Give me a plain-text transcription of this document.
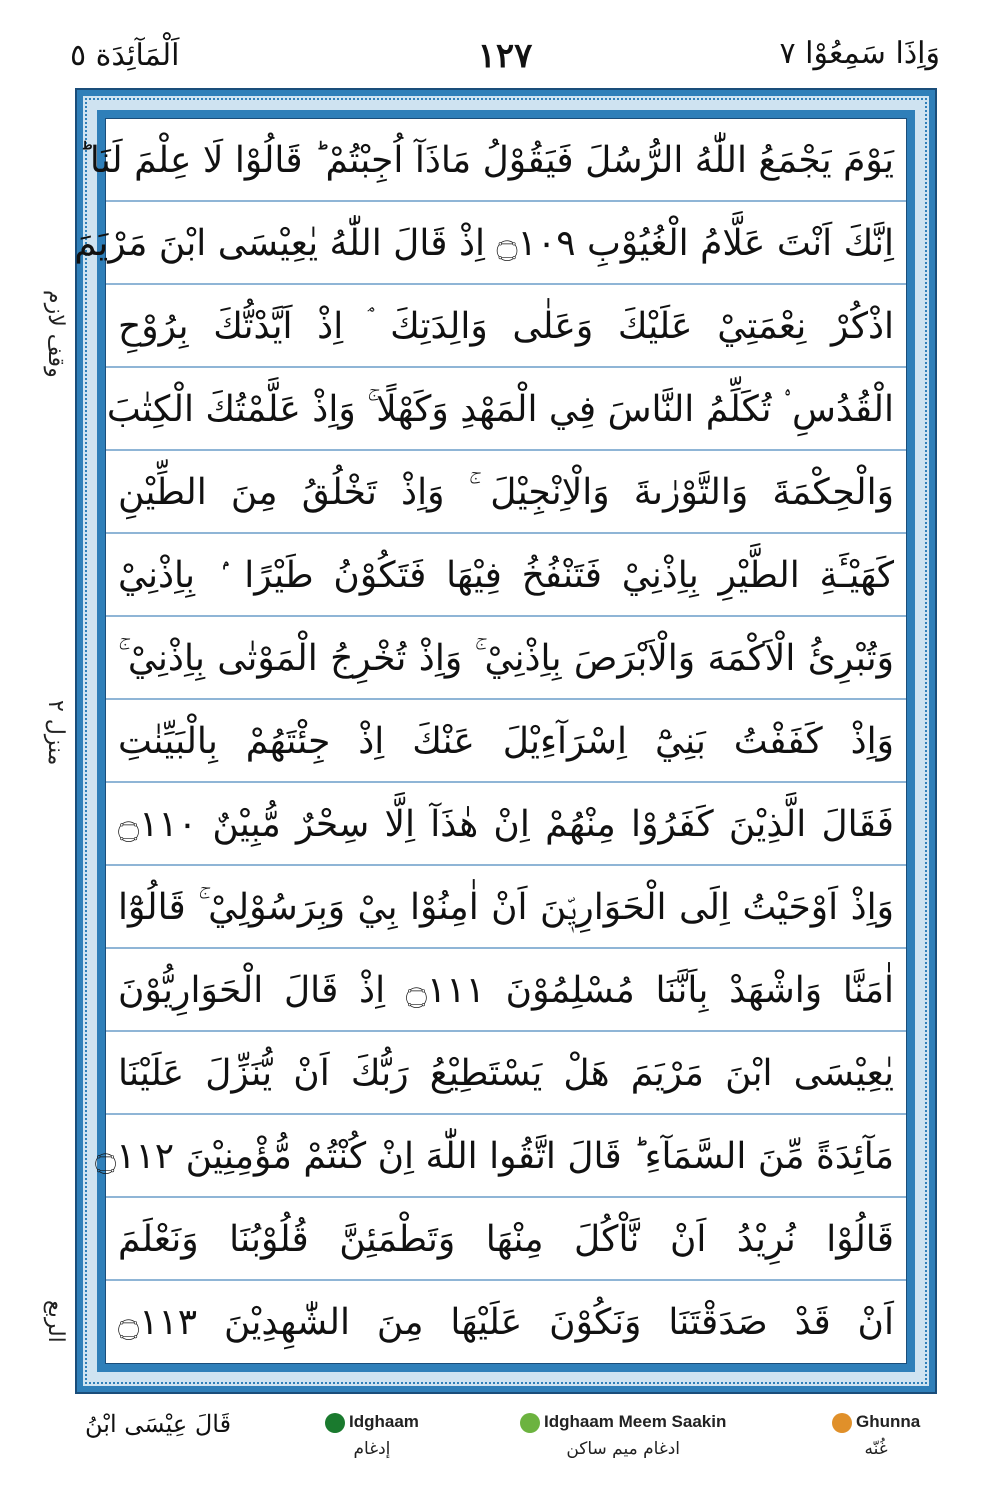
اَلْمَآئِدَة ٥	١٢٧	وَاِذَا سَمِعُوْا ٧
وقف لازم
منزل ٢
الربع
يَوْمَ يَجْمَعُ اللّٰهُ الرُّسُلَ فَيَقُوْلُ مَاذَآ اُجِبْتُمْ ؕ قَالُوْا لَا عِلْمَ لَنَا ؕ
اِنَّكَ اَنْتَ عَلَّامُ الْغُيُوْبِ ۝١٠٩ اِذْ قَالَ اللّٰهُ يٰعِيْسَى ابْنَ مَرْيَمَ
اذْكُرْ نِعْمَتِيْ عَلَيْكَ وَعَلٰى وَالِدَتِكَ ۘ اِذْ اَيَّدْتُّكَ بِرُوْحِ
الْقُدُسِ ۟ تُكَلِّمُ النَّاسَ فِي الْمَهْدِ وَكَهْلًا ۚ وَاِذْ عَلَّمْتُكَ الْكِتٰبَ
وَالْحِكْمَةَ وَالتَّوْرٰىةَ وَالْاِنْجِيْلَ ۚ وَاِذْ تَخْلُقُ مِنَ الطِّيْنِ
كَهَيْـَٔةِ الطَّيْرِ بِاِذْنِيْ فَتَنْفُخُ فِيْهَا فَتَكُوْنُ طَيْرًا ۢ بِاِذْنِيْ
وَتُبْرِئُ الْاَكْمَهَ وَالْاَبْرَصَ بِاِذْنِيْ ۚ وَاِذْ تُخْرِجُ الْمَوْتٰى بِاِذْنِيْ ۚ
وَاِذْ كَفَفْتُ بَنِيْٓ اِسْرَآءِيْلَ عَنْكَ اِذْ جِئْتَهُمْ بِالْبَيِّنٰتِ
فَقَالَ الَّذِيْنَ كَفَرُوْا مِنْهُمْ اِنْ هٰذَآ اِلَّا سِحْرٌ مُّبِيْنٌ ۝١١٠
وَاِذْ اَوْحَيْتُ اِلَى الْحَوَارِيّٖنَ اَنْ اٰمِنُوْا بِيْ وَبِرَسُوْلِيْ ۚ قَالُوْٓا
اٰمَنَّا وَاشْهَدْ بِاَنَّنَا مُسْلِمُوْنَ ۝١١١ اِذْ قَالَ الْحَوَارِيُّوْنَ
يٰعِيْسَى ابْنَ مَرْيَمَ هَلْ يَسْتَطِيْعُ رَبُّكَ اَنْ يُّنَزِّلَ عَلَيْنَا
مَآئِدَةً مِّنَ السَّمَآءِ ؕ قَالَ اتَّقُوا اللّٰهَ اِنْ كُنْتُمْ مُّؤْمِنِيْنَ ۝١١٢
قَالُوْا نُرِيْدُ اَنْ نَّاْكُلَ مِنْهَا وَتَطْمَئِنَّ قُلُوْبُنَا وَنَعْلَمَ
اَنْ قَدْ صَدَقْتَنَا وَنَكُوْنَ عَلَيْهَا مِنَ الشّٰهِدِيْنَ ۝١١٣
قَالَ عِيْسَى ابْنُ	Idghaam
إدغام
Idghaam Meem Saakin
ادغام میم ساکن
Ghunna
غُنّه
